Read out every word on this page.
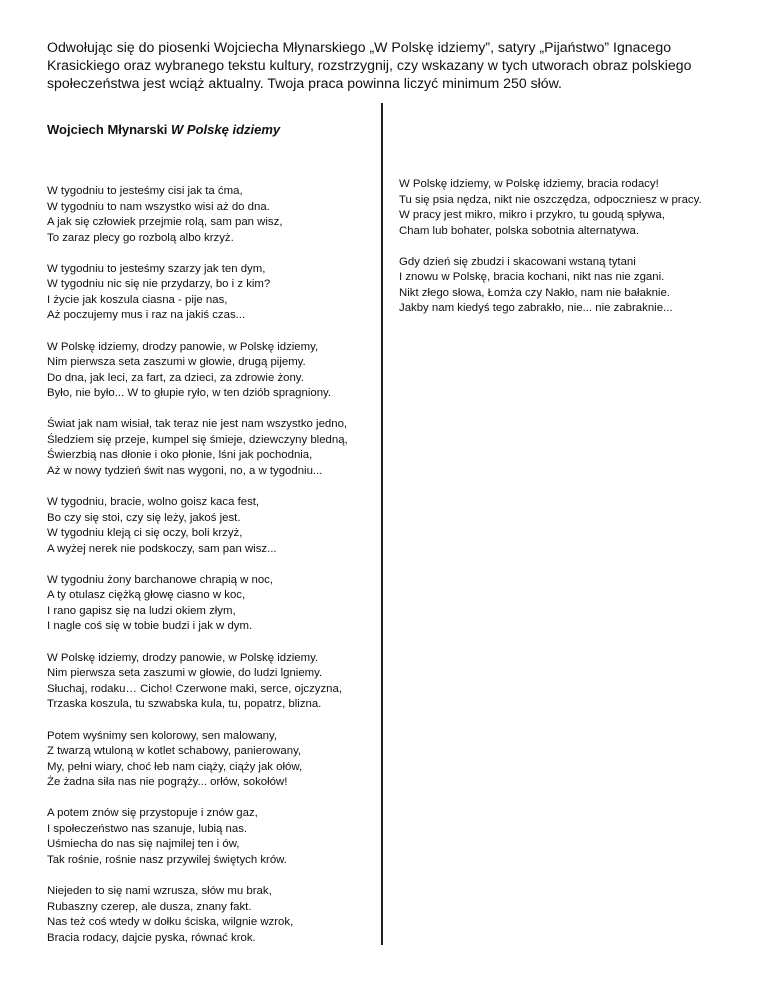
Odwołując się do piosenki Wojciecha Młynarskiego „W Polskę idziemy”, satyry „Pijaństwo” Ignacego Krasickiego oraz wybranego tekstu kultury, rozstrzygnij, czy wskazany w tych utworach obraz polskiego społeczeństwa jest wciąż aktualny. Twoja praca powinna liczyć minimum 250 słów.
Wojciech Młynarski W Polskę idziemy
W tygodniu to jesteśmy cisi jak ta ćma,
W tygodniu to nam wszystko wisi aż do dna.
A jak się człowiek przejmie rolą, sam pan wisz,
To zaraz plecy go rozbolą albo krzyż.
W tygodniu to jesteśmy szarzy jak ten dym,
W tygodniu nic się nie przydarzy, bo i z kim?
I życie jak koszula ciasna - pije nas,
Aż poczujemy mus i raz na jakiś czas...
W Polskę idziemy, drodzy panowie, w Polskę idziemy,
Nim pierwsza seta zaszumi w głowie, drugą pijemy.
Do dna, jak leci, za fart, za dzieci, za zdrowie żony.
Było, nie było... W to głupie ryło, w ten dziób spragniony.
Świat jak nam wisiał, tak teraz nie jest nam wszystko jedno,
Śledziem się przeje, kumpel się śmieje, dziewczyny bledną,
Świerzbią nas dłonie i oko płonie, lśni jak pochodnia,
Aż w nowy tydzień świt nas wygoni, no, a w tygodniu...
W tygodniu, bracie, wolno goisz kaca fest,
Bo czy się stoi, czy się leży, jakoś jest.
W tygodniu kleją ci się oczy, boli krzyż,
A wyżej nerek nie podskoczy, sam pan wisz...
W tygodniu żony barchanowe chrapią w noc,
A ty otulasz ciężką głowę ciasno w koc,
I rano gapisz się na ludzi okiem złym,
I nagle coś się w tobie budzi i jak w dym.
W Polskę idziemy, drodzy panowie, w Polskę idziemy.
Nim pierwsza seta zaszumi w głowie, do ludzi lgniemy.
Słuchaj, rodaku… Cicho! Czerwone maki, serce, ojczyzna,
Trzaska koszula, tu szwabska kula, tu, popatrz, blizna.
Potem wyśnimy sen kolorowy, sen malowany,
Z twarzą wtuloną w kotlet schabowy, panierowany,
My, pełni wiary, choć łeb nam ciąży, ciąży jak ołów,
Że żadna siła nas nie pogrąży... orłów, sokołów!
A potem znów się przystopuje i znów gaz,
I społeczeństwo nas szanuje, lubią nas.
Uśmiecha do nas się najmilej ten i ów,
Tak rośnie, rośnie nasz przywilej świętych krów.
Niejeden to się nami wzrusza, słów mu brak,
Rubaszny czerep, ale dusza, znany fakt.
Nas też coś wtedy w dołku ściska, wilgnie wzrok,
Bracia rodacy, dajcie pyska, równać krok.
W Polskę idziemy, w Polskę idziemy, bracia rodacy!
Tu się psia nędza, nikt nie oszczędza, odpoczniesz w pracy.
W pracy jest mikro, mikro i przykro, tu goudą spływa,
Cham lub bohater, polska sobotnia alternatywa.
Gdy dzień się zbudzi i skacowani wstaną tytani
I znowu w Polskę, bracia kochani, nikt nas nie zgani.
Nikt złego słowa, Łomża czy Nakło, nam nie bałaknie.
Jakby nam kiedyś tego zabrakło, nie... nie zabraknie...
